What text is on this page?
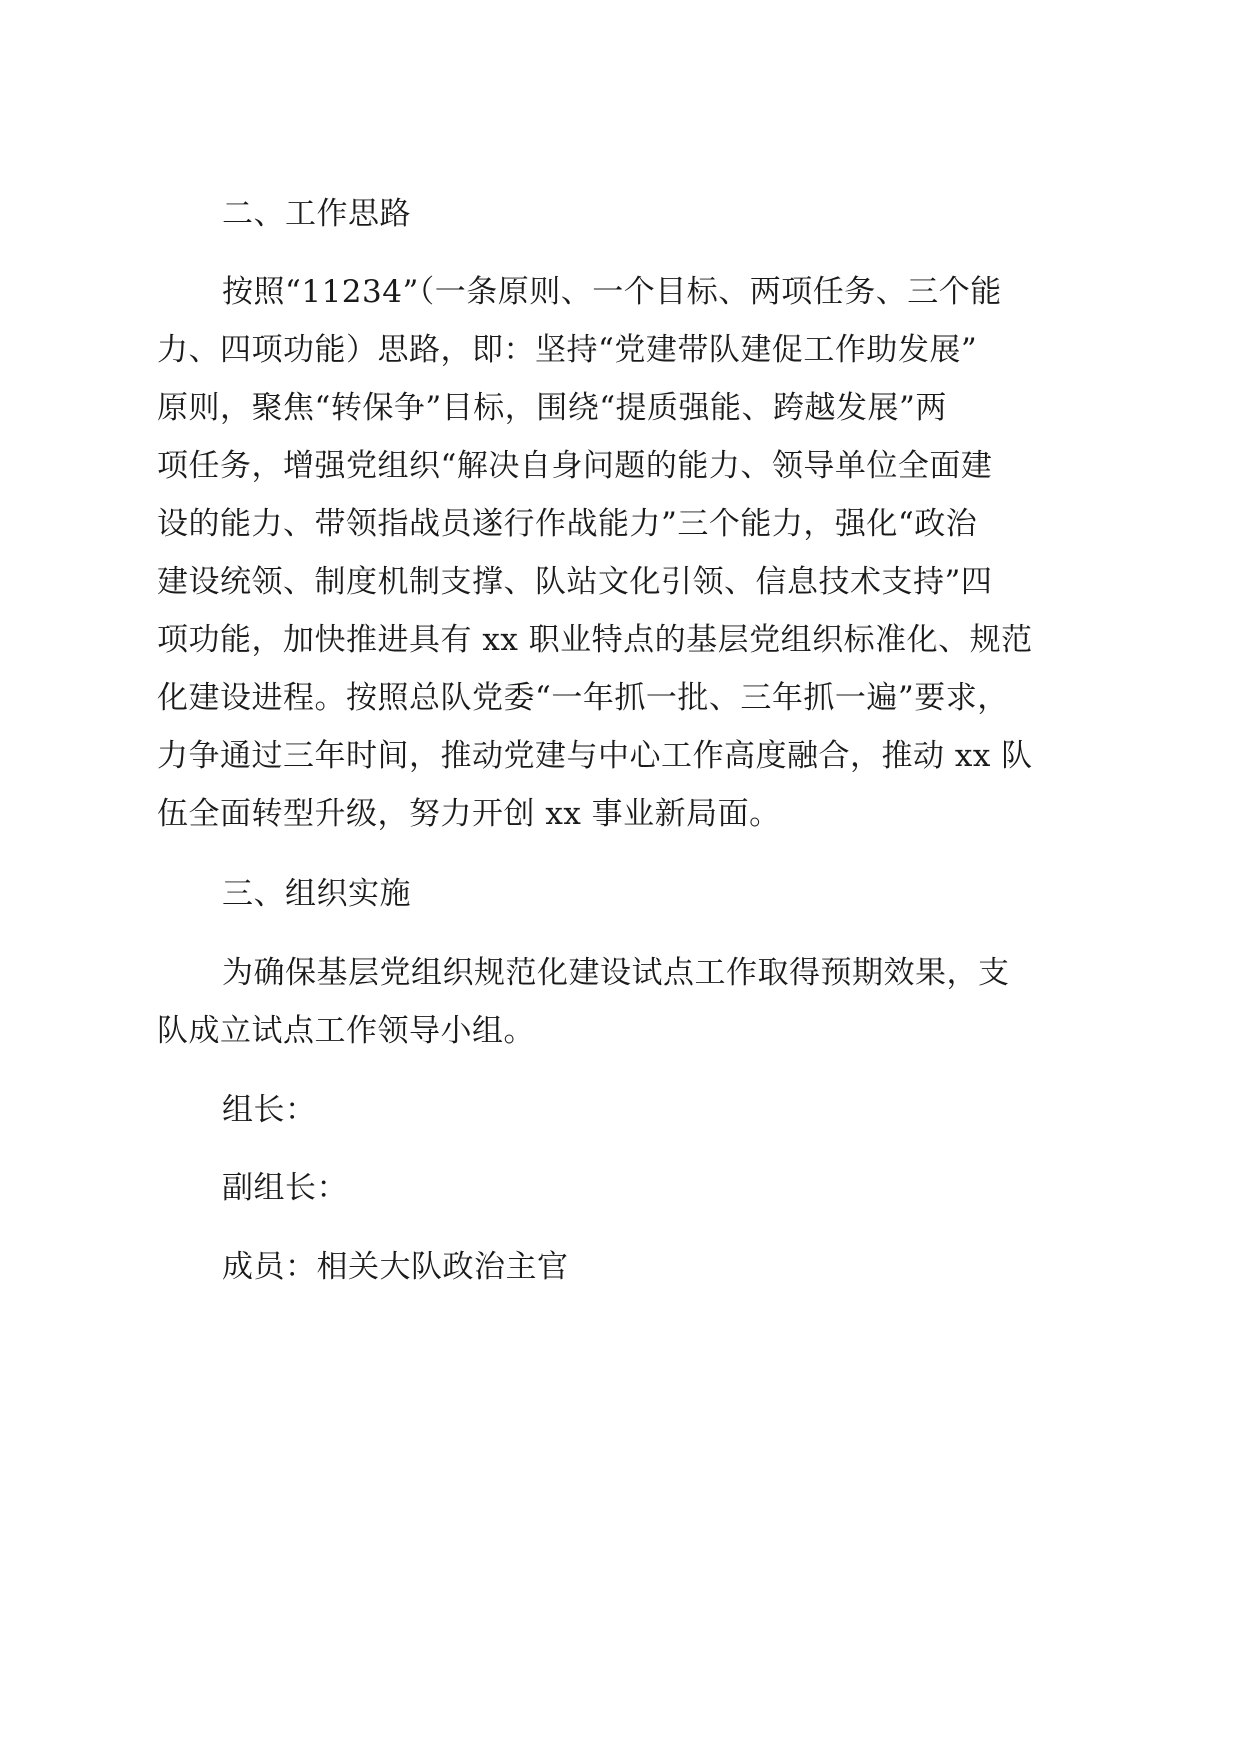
二、工作思路
按照“11234”（一条原则、一个目标、两项任务、三个能
力、四项功能）思路，即：坚持“党建带队建促工作助发展”
原则，聚焦“转保争”目标，围绕“提质强能、跨越发展”两
项任务，增强党组织“解决自身问题的能力、领导单位全面建
设的能力、带领指战员遂行作战能力”三个能力，强化“政治
建设统领、制度机制支撑、队站文化引领、信息技术支持”四
项功能，加快推进具有 xx 职业特点的基层党组织标准化、规范
化建设进程。按照总队党委“一年抓一批、三年抓一遍”要求，
力争通过三年时间，推动党建与中心工作高度融合，推动 xx 队
伍全面转型升级，努力开创 xx 事业新局面。
三、组织实施
为确保基层党组织规范化建设试点工作取得预期效果，支
队成立试点工作领导小组。
组长：
副组长：
成员：相关大队政治主官
